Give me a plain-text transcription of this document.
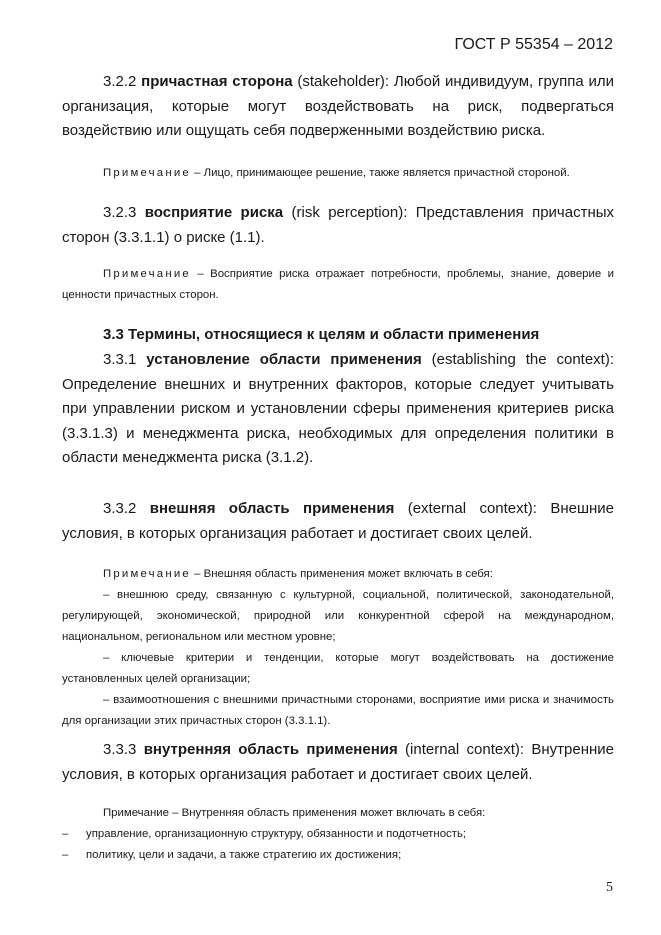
ГОСТ Р 55354 – 2012

3.2.2 причастная сторона (stakeholder): Любой индивидуум, группа или организация, которые могут воздействовать на риск, подвергаться воздействию или ощущать себя подверженными воздействию риска.

Примечание – Лицо, принимающее решение, также является причастной стороной.

3.2.3 восприятие риска (risk perception): Представления причастных сторон (3.3.1.1) о риске (1.1).

Примечание – Восприятие риска отражает потребности, проблемы, знание, доверие и ценности причастных сторон.

3.3 Термины, относящиеся к целям и области применения

3.3.1 установление области применения (establishing the context): Определение внешних и внутренних факторов, которые следует учитывать при управлении риском и установлении сферы применения критериев риска (3.3.1.3) и менеджмента риска, необходимых для определения политики в области менеджмента риска (3.1.2).

3.3.2 внешняя область применения (external context): Внешние условия, в которых организация работает и достигает своих целей.

Примечание – Внешняя область применения может включать в себя:

– внешнюю среду, связанную с культурной, социальной, политической, законодательной, регулирующей, экономической, природной или конкурентной сферой на международном, национальном, региональном или местном уровне;

– ключевые критерии и тенденции, которые могут воздействовать на достижение установленных целей организации;

– взаимоотношения с внешними причастными сторонами, восприятие ими риска и значимость для организации этих причастных сторон (3.3.1.1).

3.3.3 внутренняя область применения (internal context): Внутренние условия, в которых организация работает и достигает своих целей.

Примечание – Внутренняя область применения может включать в себя:

–	управление, организационную структуру, обязанности и подотчетность;
–	политику, цели и задачи, а также стратегию их достижения;
5
